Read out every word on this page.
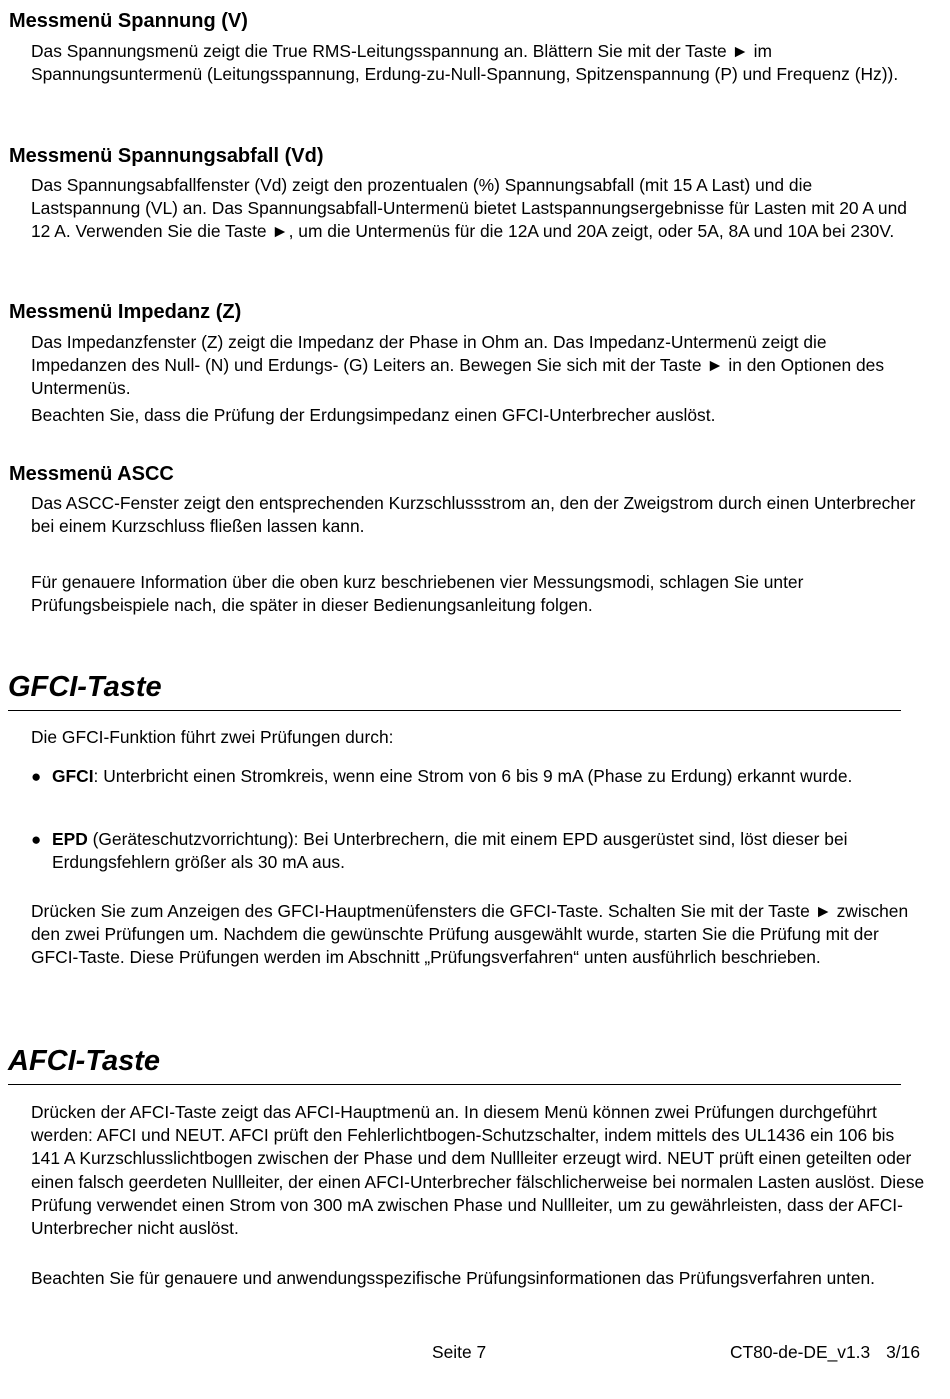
Messmenü Spannung (V)

Das Spannungsmenü zeigt die True RMS-Leitungsspannung an. Blättern Sie mit der Taste ► im Spannungsuntermenü (Leitungsspannung, Erdung-zu-Null-Spannung, Spitzenspannung (P) und Frequenz (Hz)).

Messmenü Spannungsabfall (Vd)

Das Spannungsabfallfenster (Vd) zeigt den prozentualen (%) Spannungsabfall (mit 15 A Last) und die Lastspannung (VL) an. Das Spannungsabfall-Untermenü bietet Lastspannungsergebnisse für Lasten mit 20 A und 12 A. Verwenden Sie die Taste ►, um die Untermenüs für die 12A und 20A zeigt, oder 5A, 8A und 10A bei 230V.

Messmenü Impedanz (Z)

Das Impedanzfenster (Z) zeigt die Impedanz der Phase in Ohm an. Das Impedanz-Untermenü zeigt die Impedanzen des Null- (N) und Erdungs- (G) Leiters an. Bewegen Sie sich mit der Taste ► in den Optionen des Untermenüs.

Beachten Sie, dass die Prüfung der Erdungsimpedanz einen GFCI-Unterbrecher auslöst.

Messmenü ASCC

Das ASCC-Fenster zeigt den entsprechenden Kurzschlussstrom an, den der Zweigstrom durch einen Unterbrecher bei einem Kurzschluss fließen lassen kann.

Für genauere Information über die oben kurz beschriebenen vier Messungsmodi, schlagen Sie unter Prüfungsbeispiele nach, die später in dieser Bedienungsanleitung folgen.

GFCI-Taste

Die GFCI-Funktion führt zwei Prüfungen durch:

● GFCI: Unterbricht einen Stromkreis, wenn eine Strom von 6 bis 9 mA (Phase zu Erdung) erkannt wurde.
● EPD (Geräteschutzvorrichtung): Bei Unterbrechern, die mit einem EPD ausgerüstet sind, löst dieser bei Erdungsfehlern größer als 30 mA aus.

Drücken Sie zum Anzeigen des GFCI-Hauptmenüfensters die GFCI-Taste. Schalten Sie mit der Taste ► zwischen den zwei Prüfungen um. Nachdem die gewünschte Prüfung ausgewählt wurde, starten Sie die Prüfung mit der GFCI-Taste. Diese Prüfungen werden im Abschnitt „Prüfungsverfahren“ unten ausführlich beschrieben.

AFCI-Taste

Drücken der AFCI-Taste zeigt das AFCI-Hauptmenü an. In diesem Menü können zwei Prüfungen durchgeführt werden: AFCI und NEUT. AFCI prüft den Fehlerlichtbogen-Schutzschalter, indem mittels des UL1436 ein 106 bis 141 A Kurzschlusslichtbogen zwischen der Phase und dem Nullleiter erzeugt wird. NEUT prüft einen geteilten oder einen falsch geerdeten Nullleiter, der einen AFCI-Unterbrecher fälschlicherweise bei normalen Lasten auslöst. Diese Prüfung verwendet einen Strom von 300 mA zwischen Phase und Nullleiter, um zu gewährleisten, dass der AFCI-Unterbrecher nicht auslöst.

Beachten Sie für genauere und anwendungsspezifische Prüfungsinformationen das Prüfungsverfahren unten.

Seite 7	CT80-de-DE_v1.3 3/16
